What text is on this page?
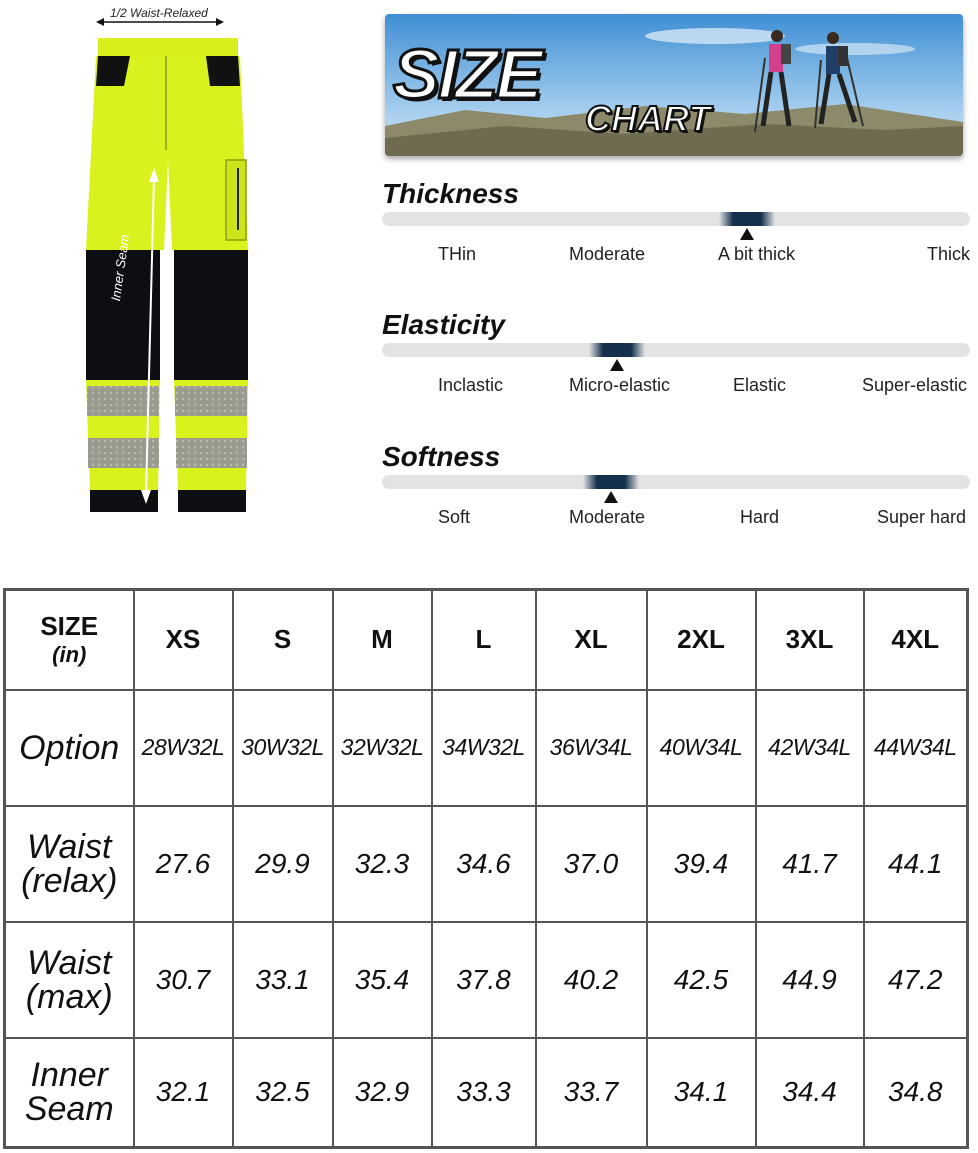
1/2 Waist-Relaxed
Inner Seam
SIZE
CHART
Thickness
THin	Moderate	A bit thick	Thick
Elasticity
Inclastic	Micro-elastic	Elastic	Super-elastic
Softness
Soft	Moderate	Hard	Super hard
SIZE
(in)	XS	S	M	L	XL	2XL	3XL	4XL
Option	28W32L	30W32L	32W32L	34W32L	36W34L	40W34L	42W34L	44W34L

Waist
(relax)	27.6	29.9	32.3	34.6	37.0	39.4	41.7	44.1

Waist
(max)	30.7	33.1	35.4	37.8	40.2	42.5	44.9	47.2

Inner
Seam	32.1	32.5	32.9	33.3	33.7	34.1	34.4	34.8
